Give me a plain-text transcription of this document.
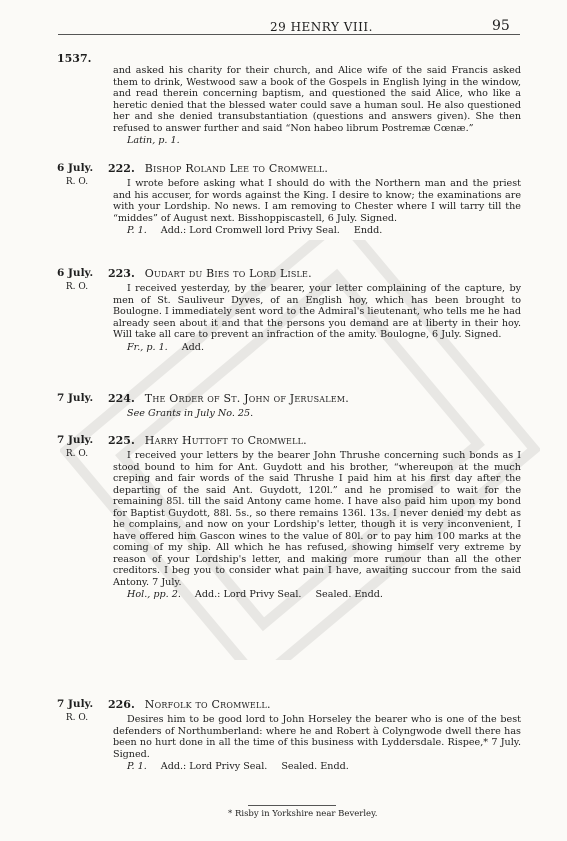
29 HENRY VIII.	95
1537.

and asked his charity for their church, and Alice wife of the said Francis asked them to drink, Westwood saw a book of the Gospels in English lying in the window, and read therein concerning baptism, and questioned the said Alice, who like a heretic denied that the blessed water could save a human soul. He also questioned her and she denied transubstantiation (questions and answers given). She then refused to answer further and said “Non habeo librum Postremæ Cœnæ.”

Latin, p. 1.
6 July.
R. O.
222. Bishop Roland Lee to Cromwell.

I wrote before asking what I should do with the Northern man and the priest and his accuser, for words against the King. I desire to know; the examinations are with your Lordship. No news. I am removing to Chester where I will tarry till the “middes” of August next. Bisshoppiscastell, 6 July. Signed.

P. 1. Add.: Lord Cromwell lord Privy Seal. Endd.
6 July.
R. O.
223. Oudart du Bies to Lord Lisle.

I received yesterday, by the bearer, your letter complaining of the capture, by men of St. Sauliveur Dyves, of an English hoy, which has been brought to Boulogne. I immediately sent word to the Admiral's lieutenant, who tells me he had already seen about it and that the persons you demand are at liberty in their hoy. Will take all care to prevent an infraction of the amity. Boulogne, 6 July. Signed.

Fr., p. 1. Add.
7 July.	224. The Order of St. John of Jerusalem.

See Grants in July No. 25.

7 July.
R. O.
225. Harry Huttoft to Cromwell.

I received your letters by the bearer John Thrushe concerning such bonds as I stood bound to him for Ant. Guydott and his brother, “whereupon at the much creping and fair words of the said Thrushe I paid him at his first day after the departing of the said Ant. Guydott, 120l.” and he promised to wait for the remaining 85l. till the said Antony came home. I have also paid him upon my bond for Baptist Guydott, 88l. 5s., so there remains 136l. 13s. I never denied my debt as he complains, and now on your Lordship's letter, though it is very inconvenient, I have offered him Gascon wines to the value of 80l. or to pay him 100 marks at the coming of my ship. All which he has refused, showing himself very extreme by reason of your Lordship's letter, and making more rumour than all the other creditors. I beg you to consider what pain I have, awaiting succour from the said Antony. 7 July.

Hol., pp. 2. Add.: Lord Privy Seal. Sealed. Endd.
7 July.
R. O.
226. Norfolk to Cromwell.

Desires him to be good lord to John Horseley the bearer who is one of the best defenders of Northumberland: where he and Robert à Colyngwode dwell there has been no hurt done in all the time of this business with Lyddersdale. Rispee,* 7 July. Signed.

P. 1. Add.: Lord Privy Seal. Sealed. Endd.
* Risby in Yorkshire near Beverley.
